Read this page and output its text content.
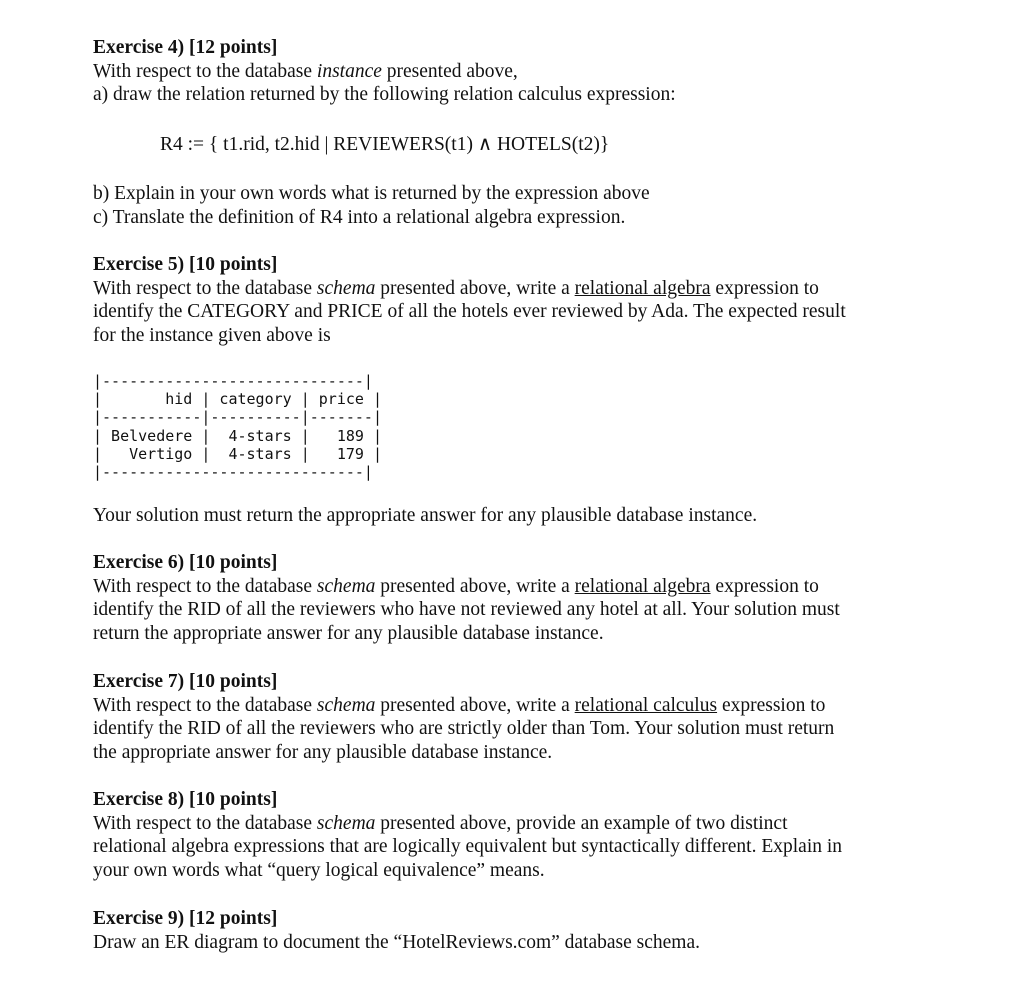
Exercise 4) [12 points]

With respect to the database instance presented above,

a) draw the relation returned by the following relation calculus expression:

R4 := { t1.rid, t2.hid | REVIEWERS(t1) ∧ HOTELS(t2)}

b) Explain in your own words what is returned by the expression above

c) Translate the definition of R4 into a relational algebra expression.

Exercise 5) [10 points]

With respect to the database schema presented above, write a relational algebra expression to

identify the CATEGORY and PRICE of all the hotels ever reviewed by Ada. The expected result

for the instance given above is

|-----------------------------|
|       hid | category | price |
|-----------|----------|-------|
| Belvedere |  4-stars |   189 |
|   Vertigo |  4-stars |   179 |
|-----------------------------|

Your solution must return the appropriate answer for any plausible database instance.

Exercise 6) [10 points]

With respect to the database schema presented above, write a relational algebra expression to

identify the RID of all the reviewers who have not reviewed any hotel at all. Your solution must

return the appropriate answer for any plausible database instance.

Exercise 7) [10 points]

With respect to the database schema presented above, write a relational calculus expression to

identify the RID of all the reviewers who are strictly older than Tom. Your solution must return

the appropriate answer for any plausible database instance.

Exercise 8) [10 points]

With respect to the database schema presented above, provide an example of two distinct

relational algebra expressions that are logically equivalent but syntactically different. Explain in

your own words what “query logical equivalence” means.

Exercise 9) [12 points]

Draw an ER diagram to document the “HotelReviews.com” database schema.
